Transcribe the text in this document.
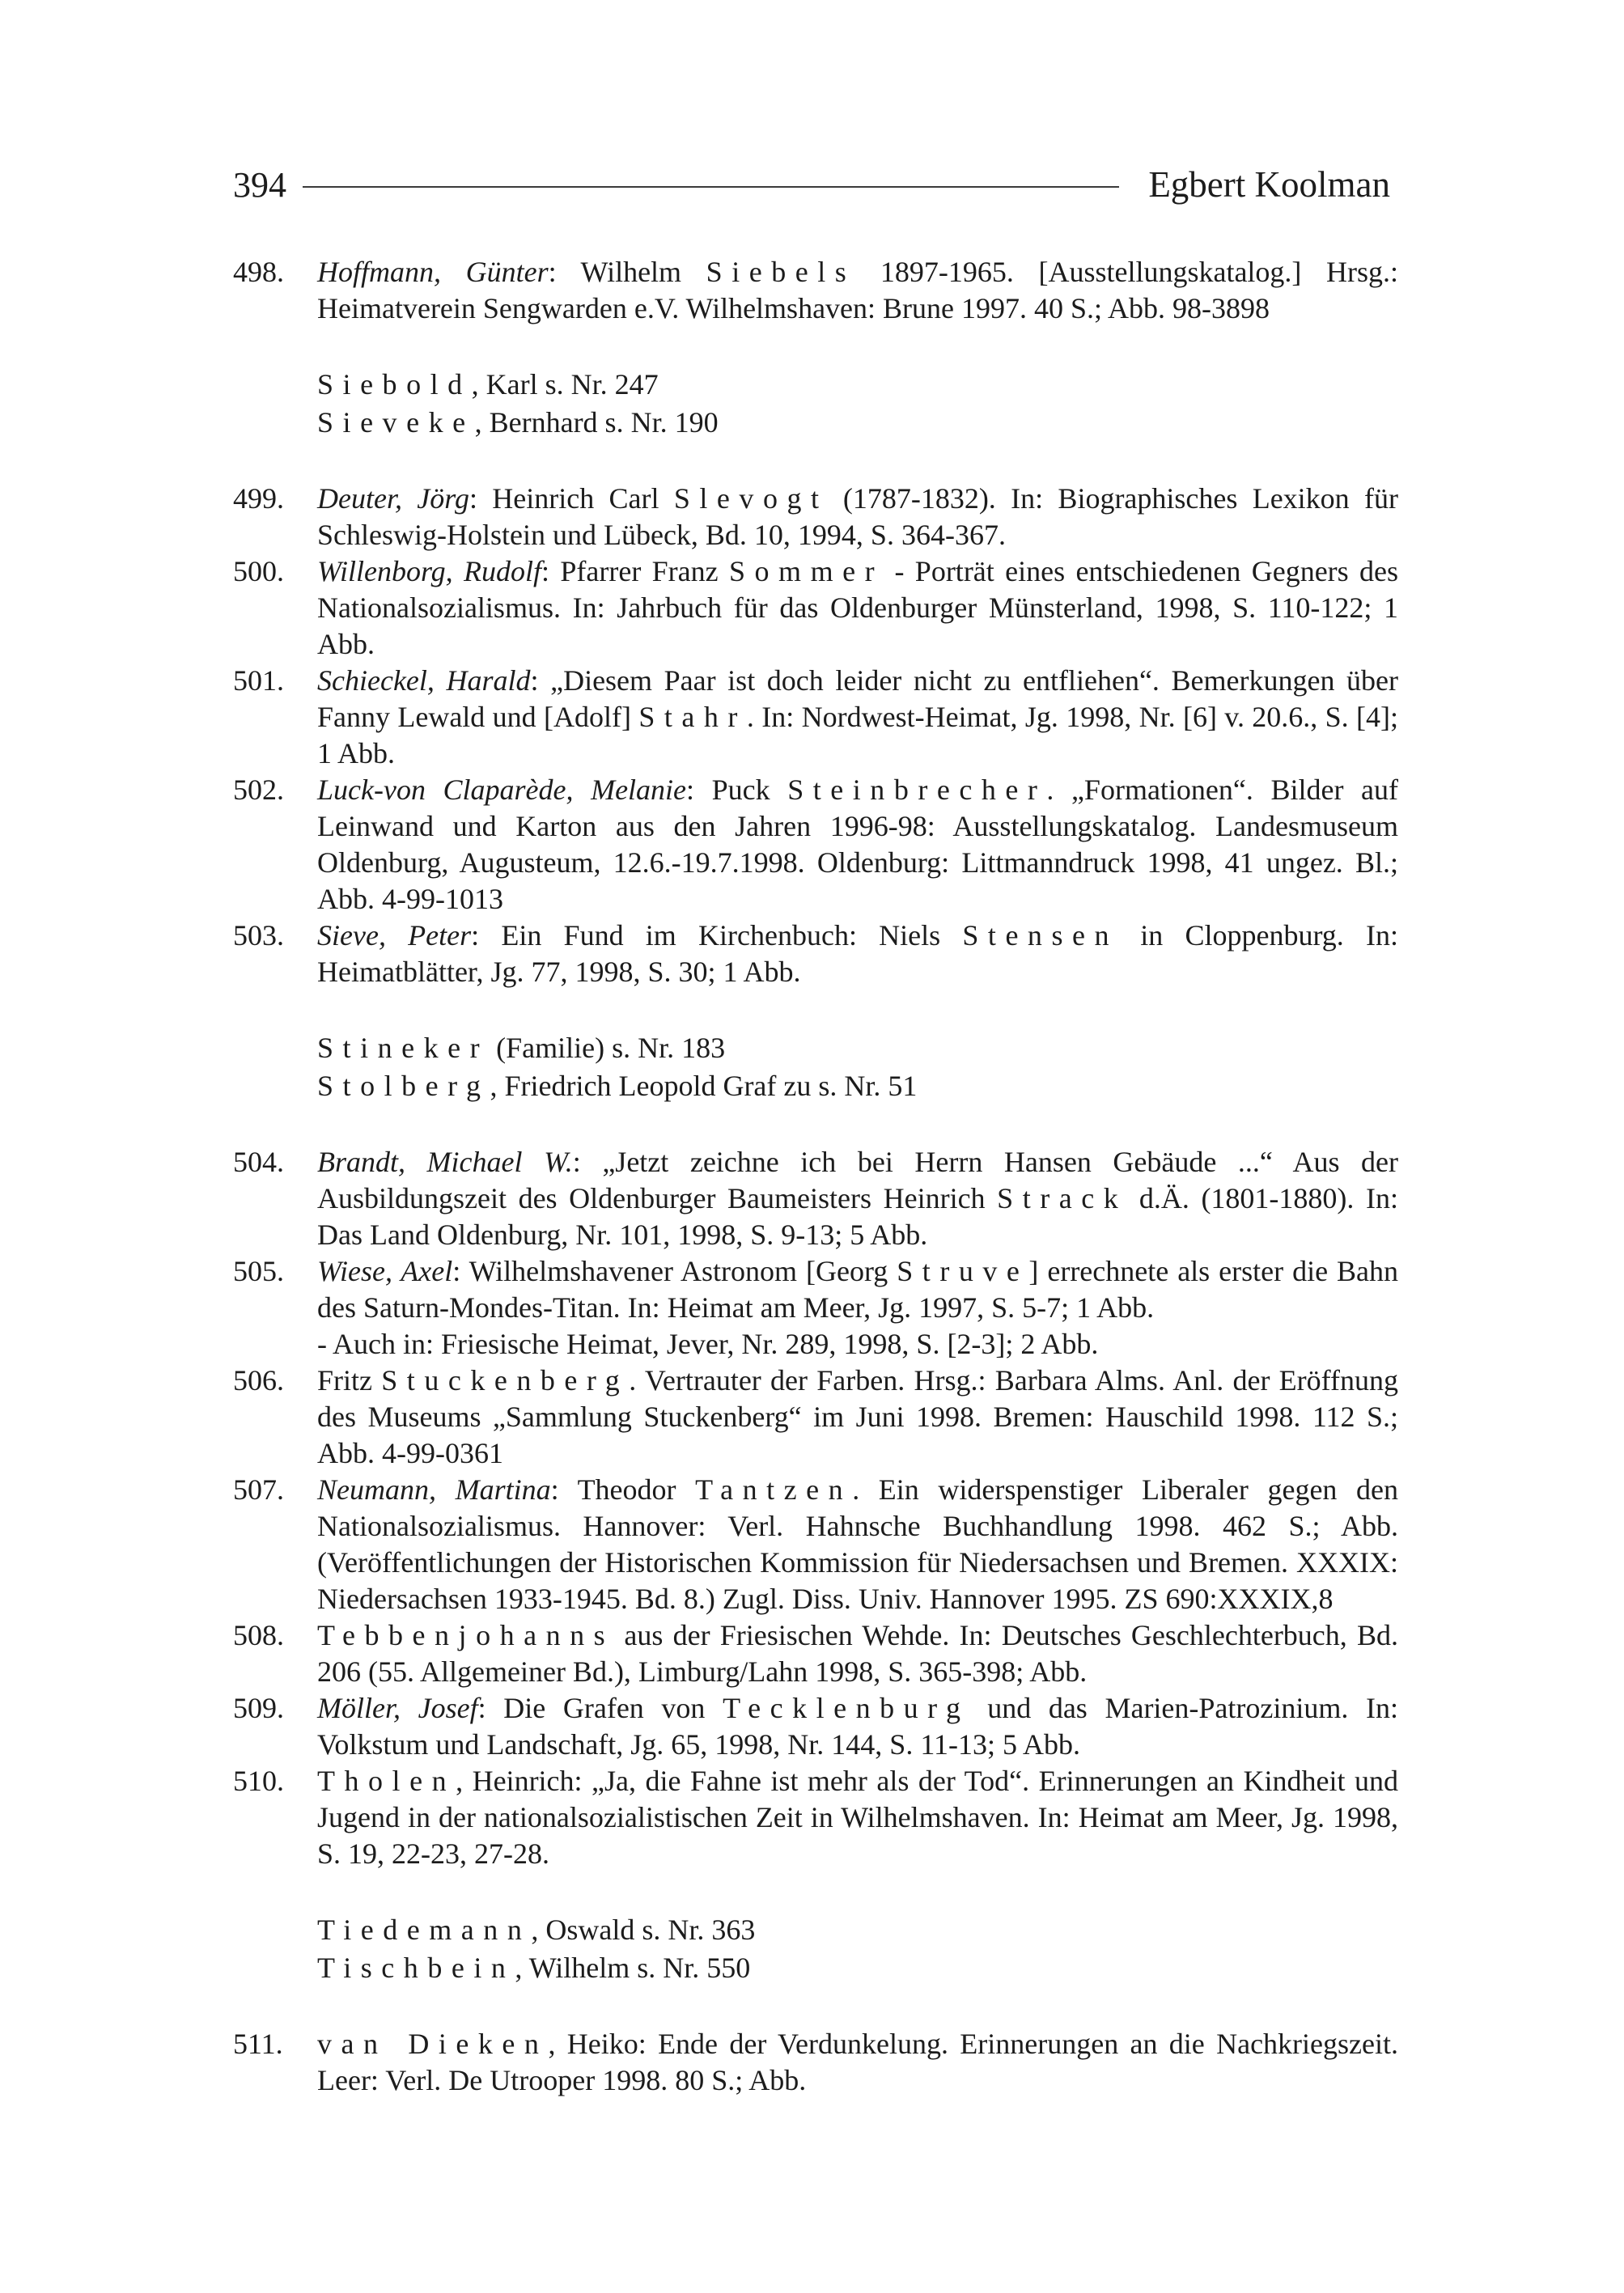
394	Egbert Koolman
498.	Hoffmann, Günter: Wilhelm Siebels 1897-1965. [Ausstellungskatalog.] Hrsg.: Heimatverein Sengwarden e.V. Wilhelmshaven: Brune 1997. 40 S.; Abb. 98-3898
Siebold, Karl s. Nr. 247
Sieveke, Bernhard s. Nr. 190
499.	Deuter, Jörg: Heinrich Carl Slevogt (1787-1832). In: Biographisches Lexikon für Schleswig-Holstein und Lübeck, Bd. 10, 1994, S. 364-367.
500.	Willenborg, Rudolf: Pfarrer Franz Sommer - Porträt eines entschiedenen Gegners des Nationalsozialismus. In: Jahrbuch für das Oldenburger Münsterland, 1998, S. 110-122; 1 Abb.
501.	Schieckel, Harald: „Diesem Paar ist doch leider nicht zu entfliehen“. Bemerkungen über Fanny Lewald und [Adolf] Stahr. In: Nordwest-Heimat, Jg. 1998, Nr. [6] v. 20.6., S. [4]; 1 Abb.
502.	Luck-von Claparède, Melanie: Puck Steinbrecher. „Formationen“. Bilder auf Leinwand und Karton aus den Jahren 1996-98: Ausstellungskatalog. Landesmuseum Oldenburg, Augusteum, 12.6.-19.7.1998. Oldenburg: Littmanndruck 1998, 41 ungez. Bl.; Abb. 4-99-1013
503.	Sieve, Peter: Ein Fund im Kirchenbuch: Niels Stensen in Cloppenburg. In: Heimatblätter, Jg. 77, 1998, S. 30; 1 Abb.
Stineker (Familie) s. Nr. 183
Stolberg, Friedrich Leopold Graf zu s. Nr. 51
504.	Brandt, Michael W.: „Jetzt zeichne ich bei Herrn Hansen Gebäude ...“ Aus der Ausbildungszeit des Oldenburger Baumeisters Heinrich Strack d.Ä. (1801-1880). In: Das Land Oldenburg, Nr. 101, 1998, S. 9-13; 5 Abb.
505.	Wiese, Axel: Wilhelmshavener Astronom [Georg Struve] errechnete als erster die Bahn des Saturn-Mondes-Titan. In: Heimat am Meer, Jg. 1997, S. 5-7; 1 Abb.
- Auch in: Friesische Heimat, Jever, Nr. 289, 1998, S. [2-3]; 2 Abb.
506.	Fritz Stuckenberg. Vertrauter der Farben. Hrsg.: Barbara Alms. Anl. der Eröffnung des Museums „Sammlung Stuckenberg“ im Juni 1998. Bremen: Hauschild 1998. 112 S.; Abb. 4-99-0361
507.	Neumann, Martina: Theodor Tantzen. Ein widerspenstiger Liberaler gegen den Nationalsozialismus. Hannover: Verl. Hahnsche Buchhandlung 1998. 462 S.; Abb. (Veröffentlichungen der Historischen Kommission für Niedersachsen und Bremen. XXXIX: Niedersachsen 1933-1945. Bd. 8.) Zugl. Diss. Univ. Hannover 1995. ZS 690:XXXIX,8
508.	Tebbenjohanns aus der Friesischen Wehde. In: Deutsches Geschlechterbuch, Bd. 206 (55. Allgemeiner Bd.), Limburg/Lahn 1998, S. 365-398; Abb.
509.	Möller, Josef: Die Grafen von Tecklenburg und das Marien-Patrozinium. In: Volkstum und Landschaft, Jg. 65, 1998, Nr. 144, S. 11-13; 5 Abb.
510.	Tholen, Heinrich: „Ja, die Fahne ist mehr als der Tod“. Erinnerungen an Kindheit und Jugend in der nationalsozialistischen Zeit in Wilhelmshaven. In: Heimat am Meer, Jg. 1998, S. 19, 22-23, 27-28.
Tiedemann, Oswald s. Nr. 363
Tischbein, Wilhelm s. Nr. 550
511.	van Dieken, Heiko: Ende der Verdunkelung. Erinnerungen an die Nachkriegszeit. Leer: Verl. De Utrooper 1998. 80 S.; Abb.
